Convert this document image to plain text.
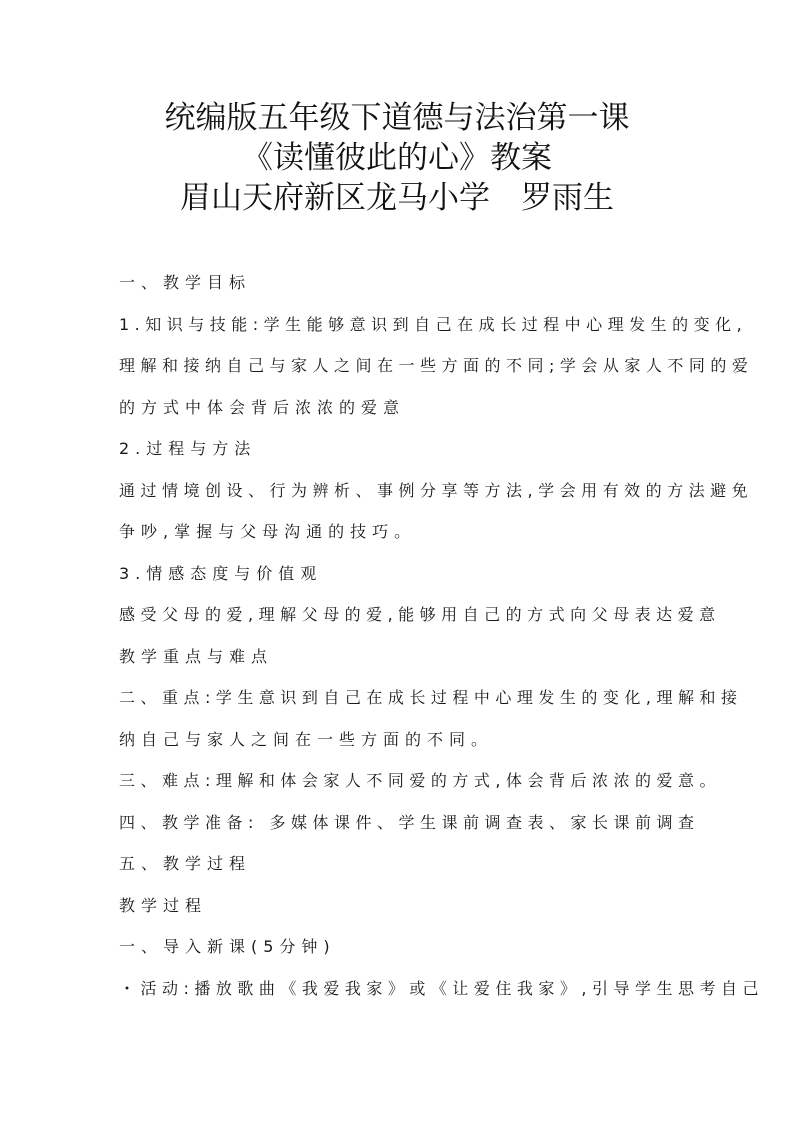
统编版五年级下道德与法治第一课
《读懂彼此的心》教案
眉山天府新区龙马小学　罗雨生
一、教学目标
1.知识与技能:学生能够意识到自己在成长过程中心理发生的变化,
理解和接纳自己与家人之间在一些方面的不同;学会从家人不同的爱
的方式中体会背后浓浓的爱意
2.过程与方法
通过情境创设、行为辨析、事例分享等方法,学会用有效的方法避免
争吵,掌握与父母沟通的技巧。
3.情感态度与价值观
感受父母的爱,理解父母的爱,能够用自己的方式向父母表达爱意
教学重点与难点
二、重点:学生意识到自己在成长过程中心理发生的变化,理解和接
纳自己与家人之间在一些方面的不同。
三、难点:理解和体会家人不同爱的方式,体会背后浓浓的爱意。
四、教学准备: 多媒体课件、学生课前调查表、家长课前调查
五、教学过程
教学过程
一、导入新课(5分钟)
・活动:播放歌曲《我爱我家》或《让爱住我家》,引导学生思考自己
